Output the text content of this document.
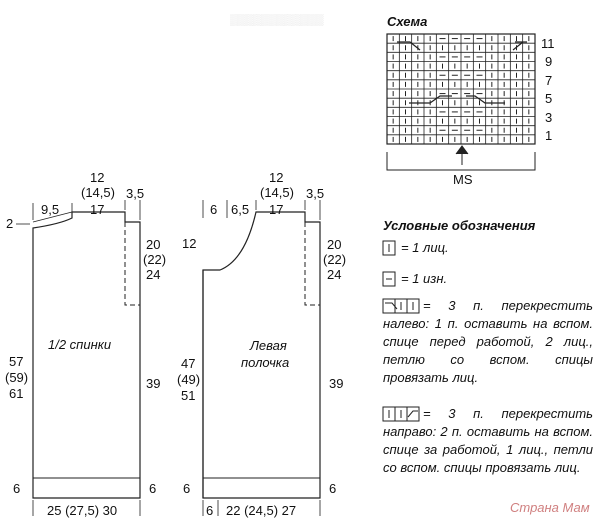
▒▒▒▒▒▒▒▒▒▒▒▒	Схема
11
9
7
5
3
1
MS
12
(14,5)
17
3,5
9,5
2
20
(22)
24
1/2 спинки
57
(59)
61
39
6	6
25 (27,5) 30
12
(14,5)
17
3,5
6 6,5
12	20
(22)
24
Левая
полочка
47
(49)
51
39
6	6
6 22 (24,5) 27
Условные обозначения
= 1 лиц.
= 1 изн.
= 3 п. перекрестить налево: 1 п. оставить на вспом. спице перед работой, 2 лиц., петлю со вспом. спицы провязать лиц.
= 3 п. перекрестить направо: 2 п. оставить на вспом. спице за работой, 1 лиц., петли со вспом. спицы провязать лиц.
Страна Мам
